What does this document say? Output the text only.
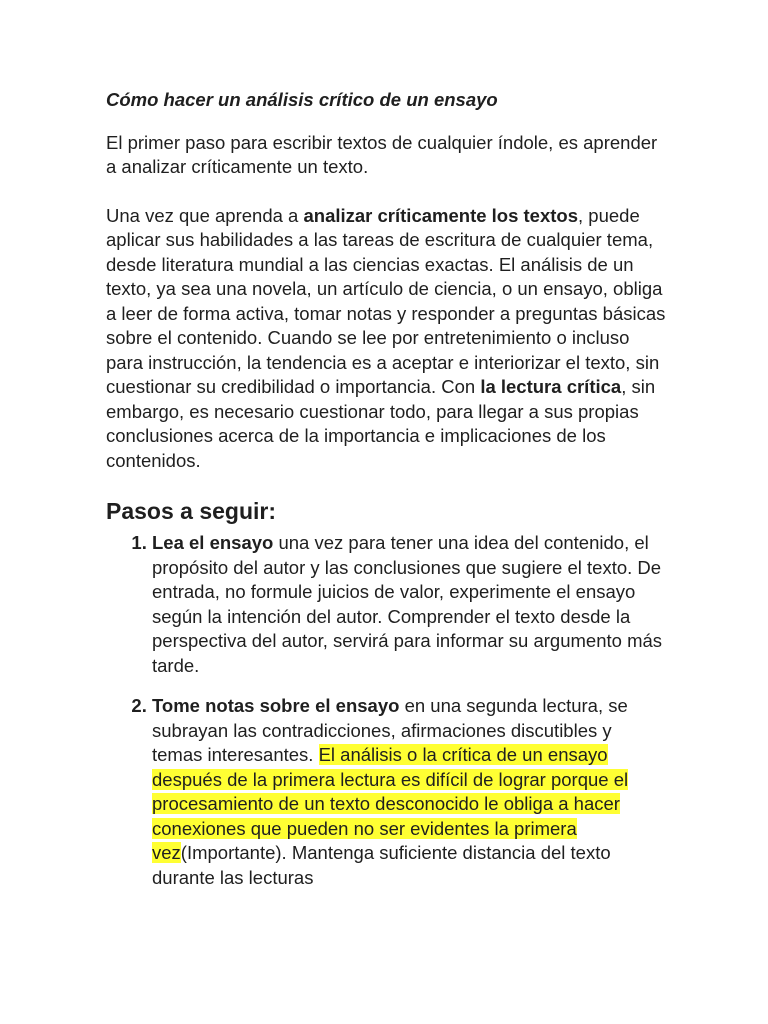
Cómo hacer un análisis crítico de un ensayo

El primer paso para escribir textos de cualquier índole, es aprender a analizar críticamente un texto.

Una vez que aprenda a analizar críticamente los textos, puede aplicar sus habilidades a las tareas de escritura de cualquier tema, desde literatura mundial a las ciencias exactas. El análisis de un texto, ya sea una novela, un artículo de ciencia, o un ensayo, obliga a leer de forma activa, tomar notas y responder a preguntas básicas sobre el contenido. Cuando se lee por entretenimiento o incluso para instrucción, la tendencia es a aceptar e interiorizar el texto, sin cuestionar su credibilidad o importancia. Con la lectura crítica, sin embargo, es necesario cuestionar todo, para llegar a sus propias conclusiones acerca de la importancia e implicaciones de los contenidos.

Pasos a seguir:
1. Lea el ensayo una vez para tener una idea del contenido, el propósito del autor y las conclusiones que sugiere el texto. De entrada, no formule juicios de valor, experimente el ensayo según la intención del autor. Comprender el texto desde la perspectiva del autor, servirá para informar su argumento más tarde.
2. Tome notas sobre el ensayo en una segunda lectura, se subrayan las contradicciones, afirmaciones discutibles y temas interesantes. El análisis o la crítica de un ensayo después de la primera lectura es difícil de lograr porque el procesamiento de un texto desconocido le obliga a hacer conexiones que pueden no ser evidentes la primera vez(Importante). Mantenga suficiente distancia del texto durante las lecturas
